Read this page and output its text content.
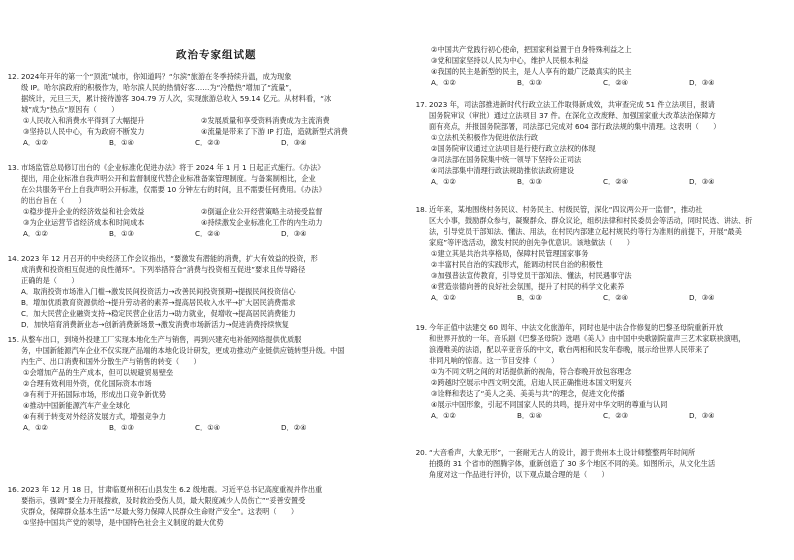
政治专家组试题
12. 2024年开年的第一个“顶流”城市，你知道吗？“尔滨”旅游在冬季持续升温，成为现象
级 IP。哈尔滨政府的积极作为，哈尔滨人民的热情好客……为“冷酷热”增加了“流量”，
据统计，元旦三天，累计接待游客 304.79 万人次，实现旅游总收入 59.14 亿元。从材料看，“冰
城”成为“热点”原因有（　　）
①人民收入和消费水平得到了大幅提升	②发展质量和享受资料消费成为主流消费
③坚持以人民中心，有为政府不断发力	④流量是带来了下游 IP 打造，造就新型式消费
A．①②	B．①④	C．②③	D．③④
13. 市场监管总局修订出台的《企业标准化促进办法》将于 2024 年 1 月 1 日起正式施行。《办法》
提出，用企业标准自我声明公开和监督制度代替企业标准备案管理制度。与备案制相比，企业
在公共服务平台上自我声明公开标准，仅需要 10 分钟左右的时间，且不需要任何费用。《办法》
的出台旨在（　　）
①稳步提升企业的经济效益和社会效益	②倒逼企业公开经营策略主动接受监督
③为企业运营节省经济成本和时间成本	④持续激发企业标准化工作的内生动力
A．①②	B．①③	C．②④	D．③④
14. 2023 年 12 月召开的中央经济工作会议指出，“要激发有潜能的消费，扩大有效益的投资，形
成消费和投资相互促进的良性循环”。下列举措符合“消费与投资相互促进”要求且传导路径
正确的是（　　）
A．取消投资市场准入门槛→激发民间投资活力→改善民间投资预期→提振民间投资信心
B．增加优质教育资源供给→提升劳动者的素养→提高居民收入水平→扩大居民消费需求
C．加大民营企业融资支持→稳定民营企业活力→助力就业，促增收→提高居民消费能力
D．加快培育消费新业态→创新消费新场景→激发消费市场新活力→促进消费持续恢复
15. 从整车出口，到境外投建工厂实现本地化生产与销售，再到兴建充电补能网络提供优质服
务，中国新能源汽车企业不仅实现产品端的本地化设计研发，更成功推动产业链供应链转型升级。中国
内生产、出口消费和国外分散生产与销售的转变（　　）
①会增加产品的生产成本，但可以规避贸易壁垒
②合理有效利用外资，优化国际资本市场
③有利于开拓国际市场，形成出口竞争新优势
④推动中国新能源汽车产业全球化
④有利于转变对外经济发展方式，增强竞争力
A．①②	B．①③	C．①④	D．②④
16. 2023 年 12 月 18 日，甘肃临夏州积石山县发生 6.2 级地震。习近平总书记高度重视并作出重
要指示，强调“要全力开展搜救，及时救治受伤人员，最大限度减少人员伤亡”“妥善安置受
灾群众，保障群众基本生活”“尽最大努力保障人民群众生命财产安全”。这表明（　　）
①坚持中国共产党的领导，是中国特色社会主义制度的最大优势
②中国共产党践行初心使命，把国家利益置于自身特殊利益之上
③党和国家坚持以人民为中心，维护人民根本利益
④我国的民主是新型的民主，是人人享有的最广泛最真实的民主
A．①②	B．①③	C．②④	D．③④
17. 2023 年，司法部推进新时代行政立法工作取得新成效，共审查完成 51 件立法项目，报请
国务院审议（审批）通过立法项目 37 件。在深化立改废释、加强国家重大改革法治保障方
面有亮点，并报国务院部署，司法部已完成对 604 部行政法规的集中清理。这表明（　　）
①立法机关积极作为促进依法行政
②国务院审议通过立法项目是行使行政立法权的体现
③司法部在国务院集中统一领导下坚持公正司法
④司法部集中清理行政法规助推依法政府建设
A．①②	B．①③	C．②④	D．③④
18. 近年来，某地围绕村务民议、村务民主、村级民管，深化“四议两公开一监督”，推动社
区大小事，鼓励群众参与，凝聚群众、群众议论，组织法律和村民委员会等活动，同时民选、讲法、折
法，引导党员干部知法、懂法、用法，在村民内部建立起村规民约等行为准则的前提下，开展“最美
家庭”等评选活动，激发村民的创先争优意识。该地做法（　　）
①建立其是共治共享格局，保障村民管理国家事务
②丰富村民自治的实践形式，能调动村民自治的积极性
③加强普法宣传教育，引导党员干部知法、懂法，村民遇事守法
④营造崇德向善的良好社会氛围，提升了村民的科学文化素养
A．①②	B．①③	C．②④	D．③④
19. 今年正值中法建交 60 周年、中法文化旅游年，同时也是中法合作修复的巴黎圣母院重新开放
和世界开放的一年。音乐剧《巴黎圣母院》选唱《美人》由中国中央歌剧院童声三艺术家联袂演唱，
浪漫唯美的法语，配以辛亚音乐的中文，歌台两相和民发年春晚，展示给世界人民带来了
非同凡响的惊喜。这一节目安排（　　）
①为不同文明之间的对话提供新的视角，符合春晚开放包容理念
②跨越时空展示中西文明交流，启迪人民正确推进本国文明复兴
③诠释和表达了“美人之美、美美与共”的理念，促进文化传播
④展示中国形象，引起不同国家人民的共鸣，提升对中华文明的尊重与认同
A．①②	B．①④	C．②③	D．③④
20. “大音希声，大象无形”，一套耐无古人的设计，源于贵州本土设计师整整两年时间所
拍摄的 31 个省市的图腾字体，重新创造了 30 多个地区不同的美。如图所示，从文化生活
角度对这一作品进行评价，以下观点最合理的是（　　）
